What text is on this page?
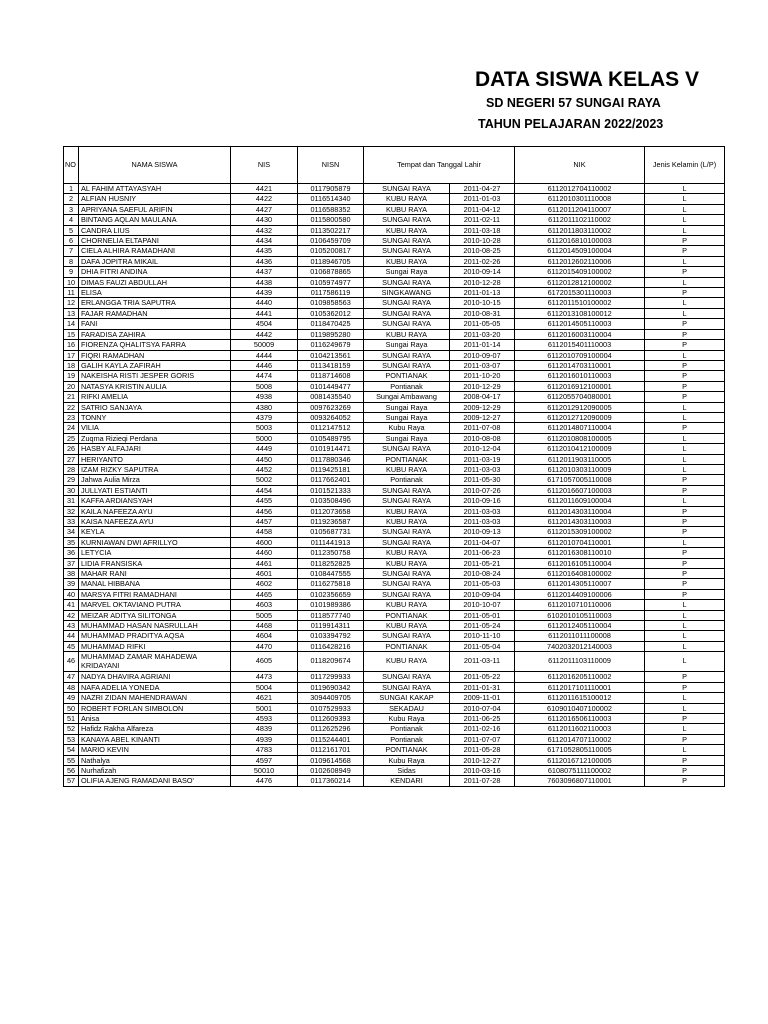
DATA SISWA KELAS V
SD NEGERI 57 SUNGAI RAYA
TAHUN PELAJARAN 2022/2023
NO	NAMA SISWA	NIS	NISN	Tempat dan Tanggal Lahir		NIK	Jenis Kelamin (L/P)
1	AL FAHIM ATTAYASYAH	4421	0117905879	SUNGAI RAYA	2011-04-27	6112012704110002	L
2	ALFIAN HUSNIY	4422	0116514340	KUBU RAYA	2011-01-03	6112010301110008	L
3	APRIYANA SAEFUL ARIFIN	4427	0116588352	KUBU RAYA	2011-04-12	6112011204110007	L
4	BINTANG AQLAN MAULANA	4430	0115800580	SUNGAI RAYA	2011-02-11	6112011102110002	L
5	CANDRA LIUS	4432	0113502217	KUBU RAYA	2011-03-18	6112011803110002	L
6	CHORNELIA ELTAPANI	4434	0106459709	SUNGAI RAYA	2010-10-28	6112016810100003	P
7	CIELA ALHIRA RAMADHANI	4435	0105200817	SUNGAI RAYA	2010-08-25	6112014509100004	P
8	DAFA JOPITRA MIKAIL	4436	0118946705	KUBU RAYA	2011-02-26	6112012602110006	L
9	DHIA FITRI ANDINA	4437	0106878865	Sungai Raya	2010-09-14	6112015409100002	P
10	DIMAS FAUZI ABDULLAH	4438	0105974977	SUNGAI RAYA	2010-12-28	6112012812100002	L
11	ELISA	4439	0117586119	SINGKAWANG	2011-01-13	6172015301110003	P
12	ERLANGGA TRIA SAPUTRA	4440	0109858563	SUNGAI RAYA	2010-10-15	6112011510100002	L
13	FAJAR RAMADHAN	4441	0105362012	SUNGAI RAYA	2010-08-31	6112013108100012	L
14	FANI	4504	0118470425	SUNGAI RAYA	2011-05-05	6112014505110003	P
15	FARADISA ZAHIRA	4442	0119895280	KUBU RAYA	2011-03-20	6112016003110004	P
16	FIORENZA QHALITSYA FARRA	50009	0116249679	Sungai Raya	2011-01-14	6112015401110003	P
17	FIQRI RAMADHAN	4444	0104213561	SUNGAI RAYA	2010-09-07	6112010709100004	L
18	GALIH KAYLA ZAFIRAH	4446	0113418159	SUNGAI RAYA	2011-03-07	6112014703110001	P
19	NAKEISHA RISTI JESPER GORIS	4474	0118714608	PONTIANAK	2011-10-20	6112016010110003	P
20	NATASYA KRISTIN AULIA	5008	0101449477	Pontianak	2010-12-29	6112016912100001	P
21	RIFKI AMELIA	4938	0081435540	Sungai Ambawang	2008-04-17	6112055704080001	P
22	SATRIO SANJAYA	4380	0097623269	Sungai Raya	2009-12-29	6112012912090005	L
23	TONNY	4379	0093264052	Sungai Raya	2009-12-27	6112012712090009	L
24	VILIA	5003	0112147512	Kubu Raya	2011-07-08	6112014807110004	P
25	Zuqma Rizieqi Perdana	5000	0105489795	Sungai Raya	2010-08-08	6112010808100005	L
26	HASBY ALFAJARI	4449	0101914471	SUNGAI RAYA	2010-12-04	6112010412100009	L
27	HERIYANTO	4450	0117880346	PONTIANAK	2011-03-19	6112011903110005	L
28	IZAM RIZKY SAPUTRA	4452	0119425181	KUBU RAYA	2011-03-03	6112010303110009	L
29	Jahwa Aulia Mirza	5002	0117662401	Pontianak	2011-05-30	6171057005110008	P
30	JULLYATI ESTIANTI	4454	0101521333	SUNGAI RAYA	2010-07-26	6112016607100003	P
31	KAFFA ARDIANSYAH	4455	0103508496	SUNGAI RAYA	2010-09-16	6112011609100004	L
32	KAILA NAFEEZA AYU	4456	0112073658	KUBU RAYA	2011-03-03	6112014303110004	P
33	KAISA NAFEEZA AYU	4457	0119236587	KUBU RAYA	2011-03-03	6112014303110003	P
34	KEYLA	4458	0105687731	SUNGAI RAYA	2010-09-13	6112015309100002	P
35	KURNIAWAN DWI AFRILLYO	4600	0111441913	SUNGAI RAYA	2011-04-07	6112010704110001	L
36	LETYCIA	4460	0112350758	KUBU RAYA	2011-06-23	6112016308110010	P
37	LIDIA FRANSISKA	4461	0118252825	KUBU RAYA	2011-05-21	6112016105110004	P
38	MAHAR RANI	4601	0108447555	SUNGAI RAYA	2010-08-24	6112016408100002	P
39	MANAL HIBBANA	4602	0116275818	SUNGAI RAYA	2011-05-03	6112014305110007	P
40	MARSYA FITRI RAMADHANI	4465	0102356659	SUNGAI RAYA	2010-09-04	6112014409100006	P
41	MARVEL OKTAVIANO PUTRA	4603	0101989386	KUBU RAYA	2010-10-07	6112010710110006	L
42	MEIZAR ADITYA SILITONGA	5005	0118577740	PONTIANAK	2011-05-01	6102010105110003	L
43	MUHAMMAD HASAN NASRULLAH	4468	0119914311	KUBU RAYA	2011-05-24	6112012405110004	L
44	MUHAMMAD PRADITYA AQSA	4604	0103394792	SUNGAI RAYA	2010-11-10	6112011011100008	L
45	MUHAMMAD RIFKI	4470	0116428216	PONTIANAK	2011-05-04	7402032012140003	L
46	MUHAMMAD ZAMAR MAHADEWA KRIDAYANI	4605	0118209674	KUBU RAYA	2011-03-11	6112011103110009	L
47	NADYA DHAVIRA AGRIANI	4473	0117299933	SUNGAI RAYA	2011-05-22	6112016205110002	P
48	NAFA ADELIA YONEDA	5004	0119690342	SUNGAI RAYA	2011-01-31	6112017101110001	P
49	NAZRI ZIDAN MAHENDRAWAN	4621	3094409705	SUNGAI KAKAP	2009-11-01	6112011615100012	L
50	ROBERT FORLAN SIMBOLON	5001	0107529933	SEKADAU	2010-07-04	6109010407100002	L
51	Anisa	4593	0112609393	Kubu Raya	2011-06-25	6112016506110003	P
52	Hafidz Rakha Alfareza	4839	0112625296	Pontianak	2011-02-16	6112011602110003	L
53	KANAYA ABEL KINANTI	4939	0115244401	Pontianak	2011-07-07	6112014707110002	P
54	MARIO KEVIN	4783	0112161701	PONTIANAK	2011-05-28	6171052805110005	L
55	Nathalya	4597	0109614568	Kubu Raya	2010-12-27	6112016712100005	P
56	Nurhafizah	50010	0102608949	Sidas	2010-03-16	6108075111100002	P
57	OLIFIA AJENG RAMADANI BASO'	4476	0117360214	KENDARI	2011-07-28	7603096807110001	P
